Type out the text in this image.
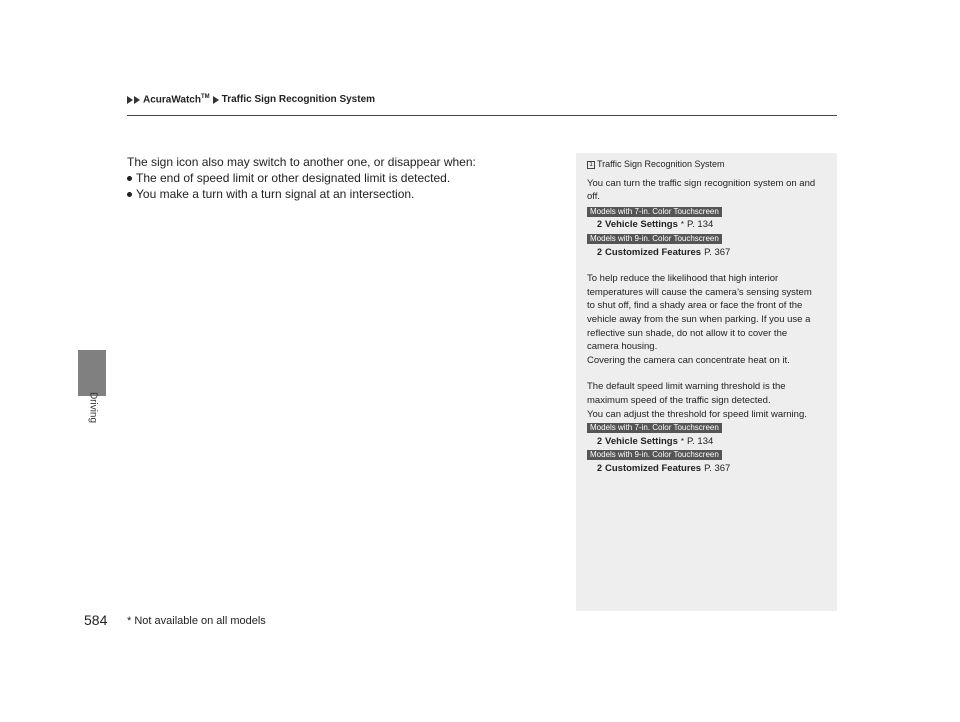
AcuraWatch™ Traffic Sign Recognition System
Driving

The sign icon also may switch to another one, or disappear when:

The end of speed limit or other designated limit is detected.
You make a turn with a turn signal at an intersection.
1 Traffic Sign Recognition System
You can turn the traffic sign recognition system on and off.
Models with 7-in. Color Touchscreen
2 Vehicle Settings * P. 134
Models with 9-in. Color Touchscreen
2 Customized Features P. 367
To help reduce the likelihood that high interior
temperatures will cause the camera’s sensing system
to shut off, find a shady area or face the front of the
vehicle away from the sun when parking. If you use a
reflective sun shade, do not allow it to cover the
camera housing.
Covering the camera can concentrate heat on it.
The default speed limit warning threshold is the
maximum speed of the traffic sign detected.
You can adjust the threshold for speed limit warning.
Models with 7-in. Color Touchscreen
2 Vehicle Settings * P. 134
Models with 9-in. Color Touchscreen
2 Customized Features P. 367
584 * Not available on all models
